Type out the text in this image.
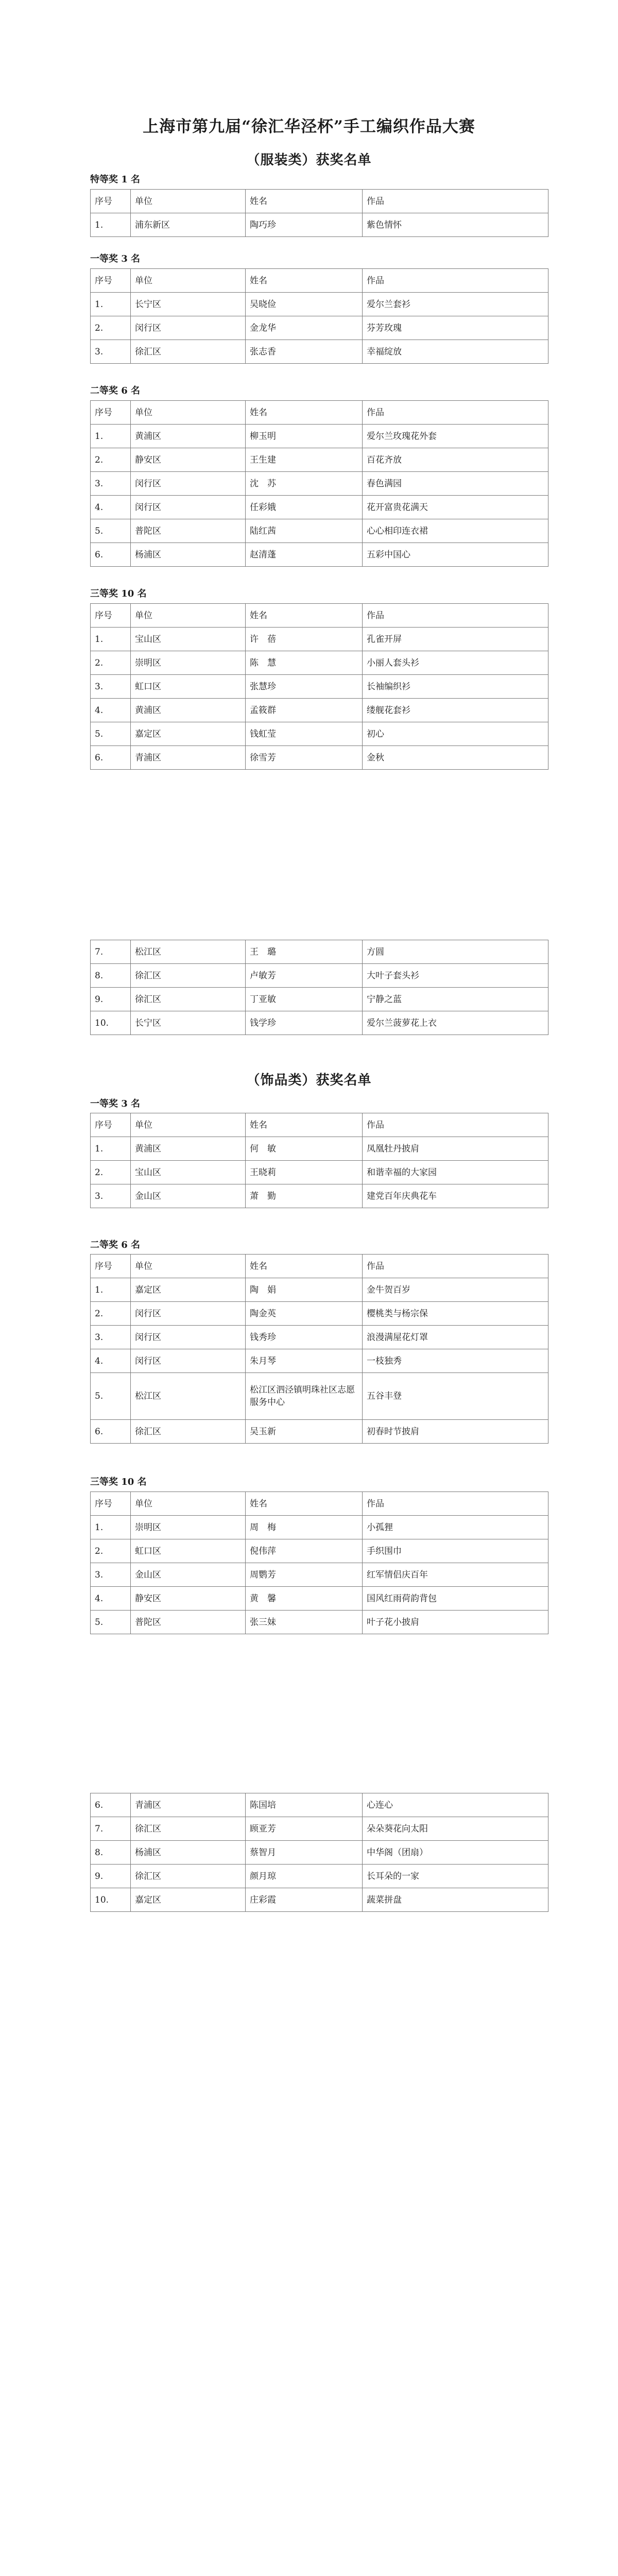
上海市第九届“徐汇华泾杯”手工编织作品大赛
（服装类）获奖名单
特等奖 1 名
序号	单位	姓名	作品
1.	浦东新区	陶巧珍	紫色情怀
一等奖 3 名
序号	单位	姓名	作品
1.	长宁区	吴晓俭	爱尔兰套衫
2.	闵行区	金龙华	芬芳玫瑰
3.	徐汇区	张志香	幸福绽放
二等奖 6 名
序号	单位	姓名	作品
1.	黄浦区	柳玉明	爱尔兰玫瑰花外套
2.	静安区	王生建	百花齐放
3.	闵行区	沈　苏	春色满园
4.	闵行区	任彩娥	花开富贵花满天
5.	普陀区	陆红茜	心心相印连衣裙
6.	杨浦区	赵清蓬	五彩中国心
三等奖 10 名
序号	单位	姓名	作品
1.	宝山区	许　蓓	孔雀开屏
2.	崇明区	陈　慧	小丽人套头衫
3.	虹口区	张慧珍	长袖编织衫
4.	黄浦区	孟筱群	缕舰花套衫
5.	嘉定区	钱虹莹	初心
6.	青浦区	徐雪芳	金秋
7.	松江区	王　璐	方圆
8.	徐汇区	卢敏芳	大叶子套头衫
9.	徐汇区	丁亚敏	宁静之蓝
10.	长宁区	钱学珍	爱尔兰菠萝花上衣
（饰品类）获奖名单
一等奖 3 名
序号	单位	姓名	作品
1.	黄浦区	何　敏	凤凰牡丹披肩
2.	宝山区	王晓莉	和谐幸福的大家园
3.	金山区	萧　勤	建党百年庆典花车
二等奖 6 名
序号	单位	姓名	作品
1.	嘉定区	陶　娟	金牛贺百岁
2.	闵行区	陶金英	樱桃类与杨宗保
3.	闵行区	钱秀珍	浪漫满屋花灯罩
4.	闵行区	朱月琴	一枝独秀
5.	松江区	松江区泗泾镇明珠社区志愿服务中心	五谷丰登
6.	徐汇区	吴玉新	初春时节披肩
三等奖 10 名
序号	单位	姓名	作品
1.	崇明区	周　梅	小孤狸
2.	虹口区	倪伟萍	手织围巾
3.	金山区	周鹦芳	红军情侣庆百年
4.	静安区	黄　馨	国风红雨荷韵背包
5.	普陀区	张三妹	叶子花小披肩
6.	青浦区	陈国培	心连心
7.	徐汇区	顾亚芳	朵朵葵花向太阳
8.	杨浦区	蔡智月	中华阁（团扇）
9.	徐汇区	颜月琼	长耳朵的一家
10.	嘉定区	庄彩霞	蔬菜拼盘
